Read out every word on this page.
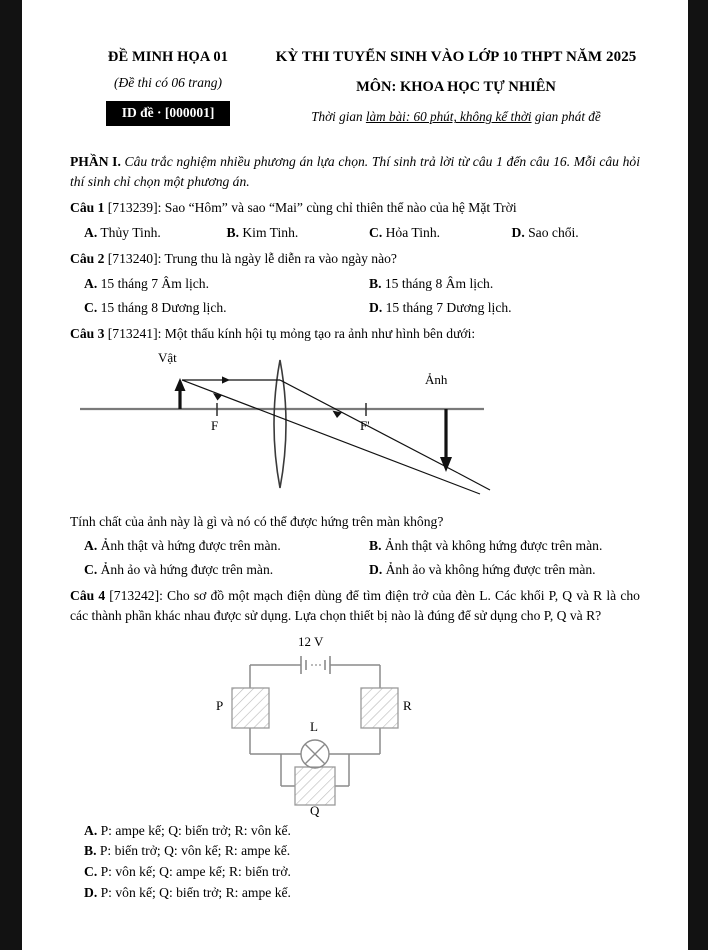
ĐỀ MINH HỌA 01
(Đề thi có 06 trang)
ID đề · [000001]
KỲ THI TUYỂN SINH VÀO LỚP 10 THPT NĂM 2025
MÔN: KHOA HỌC TỰ NHIÊN
Thời gian làm bài: 60 phút, không kể thời gian phát đề
PHẦN I. Câu trắc nghiệm nhiều phương án lựa chọn. Thí sinh trả lời từ câu 1 đến câu 16. Mỗi câu hỏi thí sinh chỉ chọn một phương án.
Câu 1 [713239]: Sao “Hôm” và sao “Mai” cùng chỉ thiên thể nào của hệ Mặt Trời
A. Thủy Tinh.	B. Kim Tinh.	C. Hỏa Tinh.	D. Sao chổi.
Câu 2 [713240]: Trung thu là ngày lễ diễn ra vào ngày nào?
A. 15 tháng 7 Âm lịch.	B. 15 tháng 8 Âm lịch.
C. 15 tháng 8 Dương lịch.	D. 15 tháng 7 Dương lịch.
Câu 3 [713241]: Một thấu kính hội tụ mỏng tạo ra ảnh như hình bên dưới:
Vật
Ảnh
F	F'
Tính chất của ảnh này là gì và nó có thể được hứng trên màn không?
A. Ảnh thật và hứng được trên màn.	B. Ảnh thật và không hứng được trên màn.
C. Ảnh ảo và hứng được trên màn.	D. Ảnh ảo và không hứng được trên màn.
Câu 4 [713242]: Cho sơ đồ một mạch điện dùng để tìm điện trở của đèn L. Các khối P, Q và R là cho các thành phần khác nhau được sử dụng. Lựa chọn thiết bị nào là đúng để sử dụng cho P, Q và R?
12 V
L
P	R
Q
A. P: ampe kế; Q: biến trở; R: vôn kế.
B. P: biến trở; Q: vôn kế; R: ampe kế.
C. P: vôn kế; Q: ampe kế; R: biến trở.
D. P: vôn kế; Q: biến trở; R: ampe kế.
